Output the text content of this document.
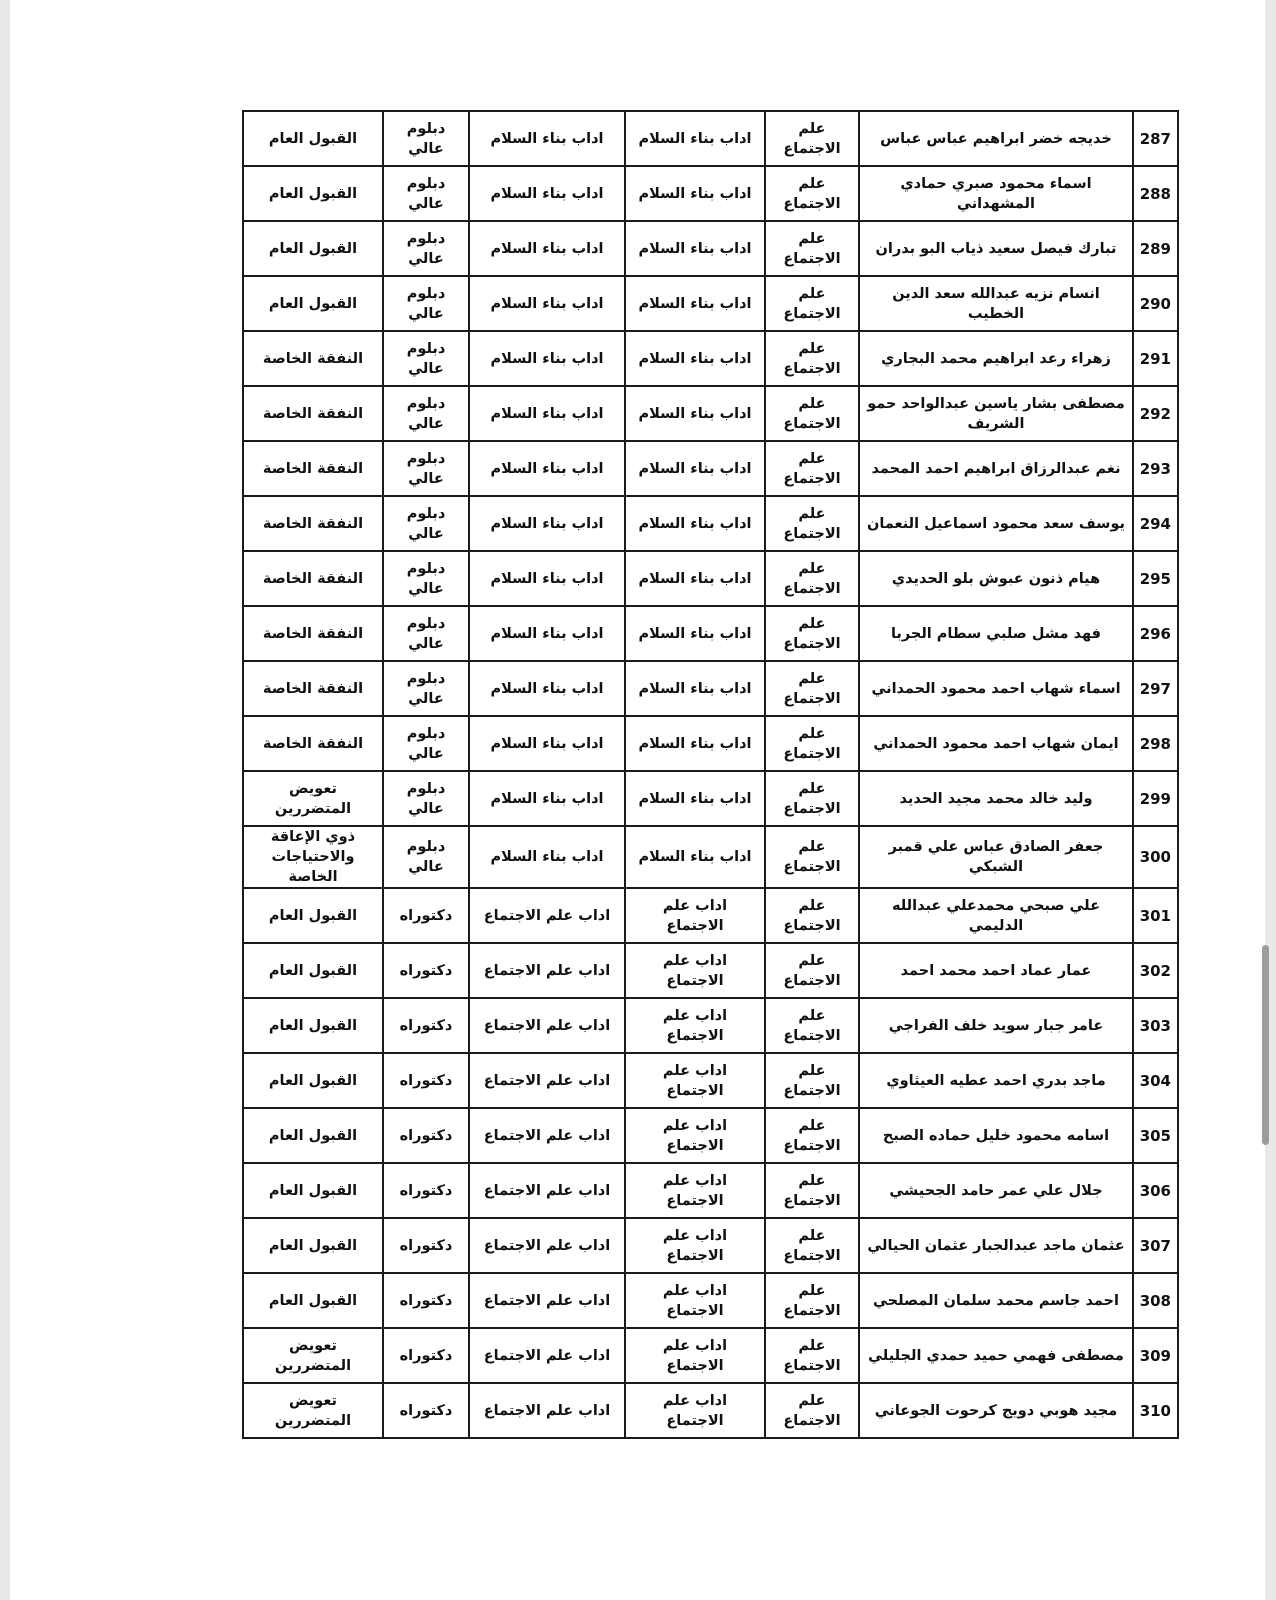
287	خديجه خضر ابراهيم عباس عباس	علم الاجتماع	اداب بناء السلام	اداب بناء السلام	دبلوم عالي	القبول العام
288	اسماء محمود صبري حمادي المشهداني	علم الاجتماع	اداب بناء السلام	اداب بناء السلام	دبلوم عالي	القبول العام
289	تبارك فيصل سعيد ذياب البو بدران	علم الاجتماع	اداب بناء السلام	اداب بناء السلام	دبلوم عالي	القبول العام
290	انسام نزيه عبدالله سعد الدين الخطيب	علم الاجتماع	اداب بناء السلام	اداب بناء السلام	دبلوم عالي	القبول العام
291	زهراء رعد ابراهيم محمد البجاري	علم الاجتماع	اداب بناء السلام	اداب بناء السلام	دبلوم عالي	النفقة الخاصة
292	مصطفى بشار ياسين عبدالواحد حمو الشريف	علم الاجتماع	اداب بناء السلام	اداب بناء السلام	دبلوم عالي	النفقة الخاصة
293	نغم عبدالرزاق ابراهيم احمد المحمد	علم الاجتماع	اداب بناء السلام	اداب بناء السلام	دبلوم عالي	النفقة الخاصة
294	يوسف سعد محمود اسماعيل النعمان	علم الاجتماع	اداب بناء السلام	اداب بناء السلام	دبلوم عالي	النفقة الخاصة
295	هيام ذنون عبوش بلو الحديدي	علم الاجتماع	اداب بناء السلام	اداب بناء السلام	دبلوم عالي	النفقة الخاصة
296	فهد مشل صلبي سطام الجربا	علم الاجتماع	اداب بناء السلام	اداب بناء السلام	دبلوم عالي	النفقة الخاصة
297	اسماء شهاب احمد محمود الحمداني	علم الاجتماع	اداب بناء السلام	اداب بناء السلام	دبلوم عالي	النفقة الخاصة
298	ايمان شهاب احمد محمود الحمداني	علم الاجتماع	اداب بناء السلام	اداب بناء السلام	دبلوم عالي	النفقة الخاصة
299	وليد خالد محمد مجيد الحديد	علم الاجتماع	اداب بناء السلام	اداب بناء السلام	دبلوم عالي	تعويض المتضررين
300	جعفر الصادق عباس علي قمبر الشبكي	علم الاجتماع	اداب بناء السلام	اداب بناء السلام	دبلوم عالي	ذوي الإعاقة والاحتياجات الخاصة
301	علي صبحي محمدعلي عبدالله الدليمي	علم الاجتماع	اداب علم الاجتماع	اداب علم الاجتماع	دكتوراه	القبول العام
302	عمار عماد احمد محمد احمد	علم الاجتماع	اداب علم الاجتماع	اداب علم الاجتماع	دكتوراه	القبول العام
303	عامر جبار سويد خلف الفراجي	علم الاجتماع	اداب علم الاجتماع	اداب علم الاجتماع	دكتوراه	القبول العام
304	ماجد بدري احمد عطيه العيثاوي	علم الاجتماع	اداب علم الاجتماع	اداب علم الاجتماع	دكتوراه	القبول العام
305	اسامه محمود خليل حماده الصبح	علم الاجتماع	اداب علم الاجتماع	اداب علم الاجتماع	دكتوراه	القبول العام
306	جلال علي عمر حامد الجحيشي	علم الاجتماع	اداب علم الاجتماع	اداب علم الاجتماع	دكتوراه	القبول العام
307	عثمان ماجد عبدالجبار عثمان الحيالي	علم الاجتماع	اداب علم الاجتماع	اداب علم الاجتماع	دكتوراه	القبول العام
308	احمد جاسم محمد سلمان المصلحي	علم الاجتماع	اداب علم الاجتماع	اداب علم الاجتماع	دكتوراه	القبول العام
309	مصطفى فهمي حميد حمدي الجليلي	علم الاجتماع	اداب علم الاجتماع	اداب علم الاجتماع	دكتوراه	تعويض المتضررين
310	مجيد هوبي دويج كرحوت الجوعاني	علم الاجتماع	اداب علم الاجتماع	اداب علم الاجتماع	دكتوراه	تعويض المتضررين
